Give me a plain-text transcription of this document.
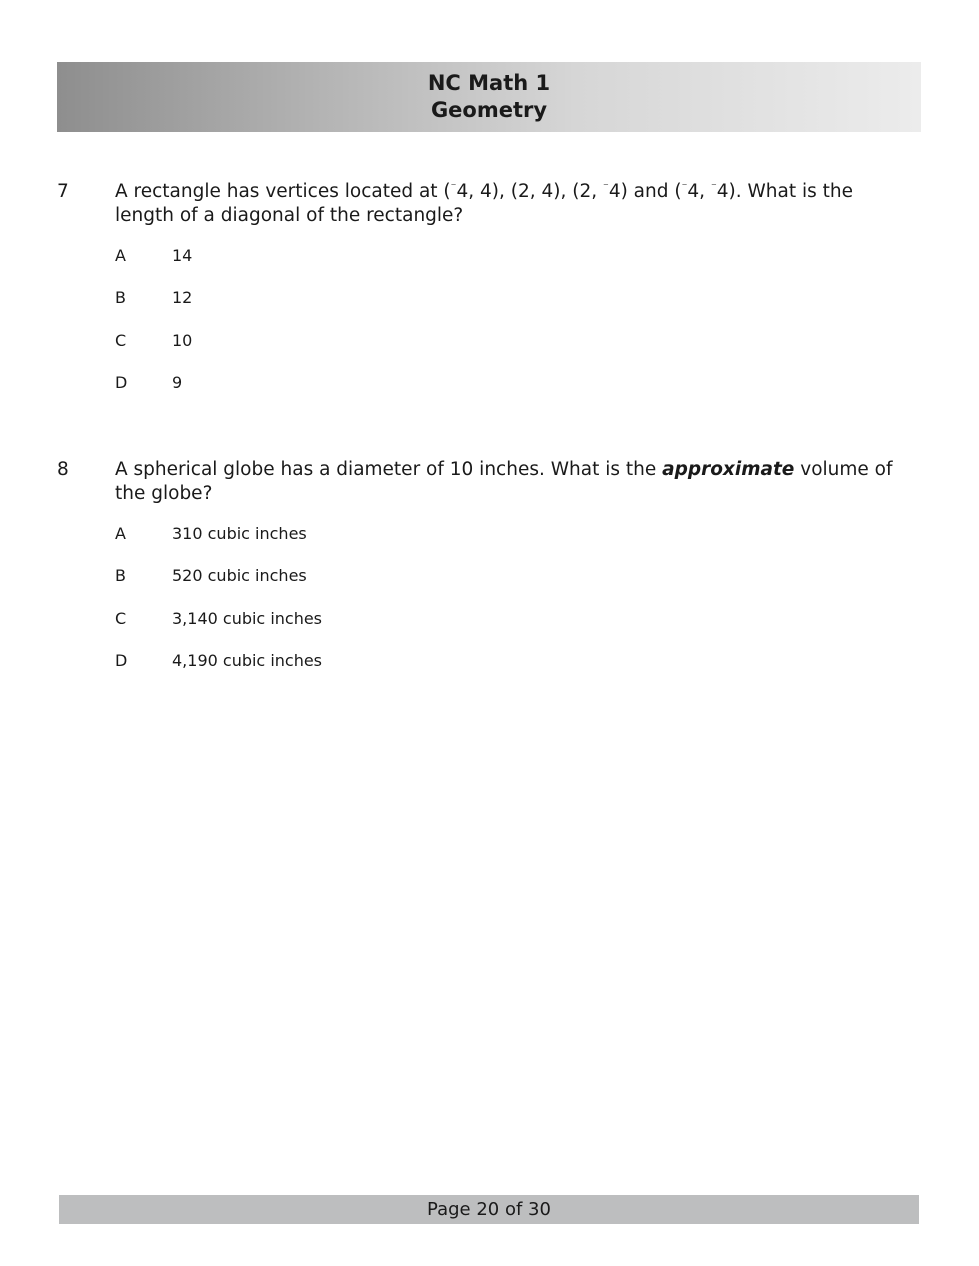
NC Math 1
Geometry
7 A rectangle has vertices located at (⁻4, 4), (2, 4), (2, ⁻4) and (⁻4, ⁻4). What is the length of a diagonal of the rectangle?
A	14
B	12
C	10
D	9
8 A spherical globe has a diameter of 10 inches. What is the approximate volume of the globe?
A	310 cubic inches
B	520 cubic inches
C	3,140 cubic inches
D	4,190 cubic inches
Page 20 of 30
